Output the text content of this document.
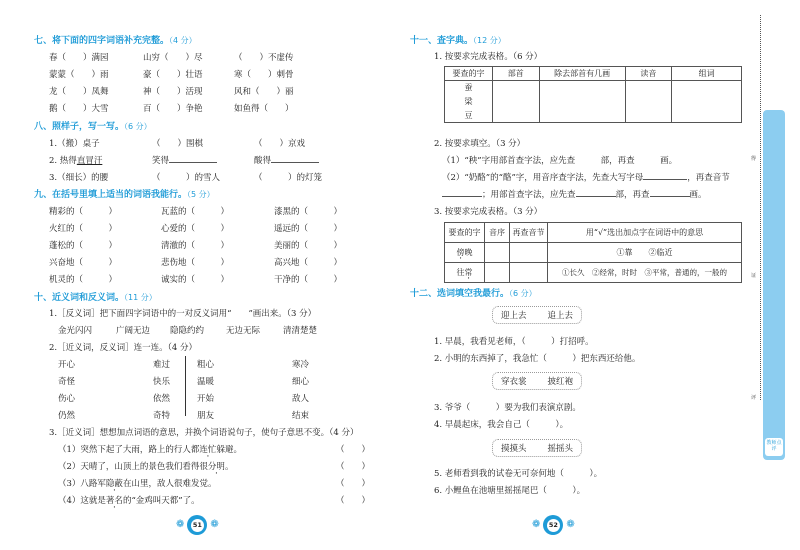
七、将下面的四字词语补充完整。（4 分）
春（　　）满园	山穷（　　）尽	（　　）不虚传
蒙蒙（　　）雨	豪（　　）壮语	寒（　　）刺骨
龙（　　）凤舞	神（　　）活现	风和（　　）丽
鹅（　　）大雪	百（　　）争艳	如鱼得（　　）
八、照样子，写一写。（6 分）
1.（搬）桌子	（　　）围棋	（　　）京戏
2. 热得直冒汗	笑得	酸得
3.（细长）的腰	（　　　）的雪人	（　　　）的灯笼
九、在括号里填上适当的词语我能行。（5 分）
精彩的（　　　）	瓦蓝的（　　　）	漆黑的（　　　）
火红的（　　　）	心爱的（　　　）	遥远的（　　　）
蓬松的（　　　）	清澈的（　　　）	美丽的（　　　）
兴奋地（　　　）	悲伤地（　　　）	高兴地（　　　）
机灵的（　　　）	诚实的（　　　）	干净的（　　　）
十、近义词和反义词。（11 分）
1.［反义词］把下面四字词语中的一对反义词用“　　”画出来。（3 分）
金光闪闪	广阔无边 隐隐约约	无边无际	清清楚楚
2.［近义词，反义词］连一连。（4 分）
开心	难过	粗心	寒冷
奇怪	快乐	温暖	细心
伤心	依然	开始	敌人
仍然	奇特	朋友	结束
3.［近义词］想想加点词语的意思，并换个词语说句子，使句子意思不变。（4 分）
（1）突然下起了大雨，路上的行人都连忙躲避。	（　　）
（2）天晴了，山顶上的景色我们看得很分明。	（　　）
（3）八路军隐蔽在山里，敌人很难发觉。	（　　）
（4）这就是著名的“金鸡叫天都”了。	（　　）
❁	51 ❁
十一、查字典。（12 分）
1. 按要求完成表格。（6 分）
要查的字	部首	除去部首有几画	读音	组词
蚕				
梁				
豆				
2. 按要求填空。（3 分）
（1）“秧”字用部首查字法，应先查　　　部，再查　　　画。
（2）“奶酪”的“酪”字，用音序查字法，先查大写字母	，再查音节
；用部首查字法，应先查	部，再查	画。
3. 按要求完成表格。（3 分）
要查的字	音序	再查音节	用“√”选出加点字在词语中的意思
傍晚			①靠　　②临近
往常			①长久　②经常，时时　③平常，普通的，一般的
十二、选词填空我最行。（6 分）
迎上去 追上去
1. 早晨，我看见老师，（　　　）打招呼。
2. 小明的东西掉了，我急忙（　　　）把东西还给他。
穿衣裳 披红袍
3. 爷爷（　　　）要为我们表演京剧。
4. 早晨起床，我会自己（　　　）。
摸摸头 摇摇头
5. 老师看到我的试卷无可奈何地（　　　）。
6. 小鲤鱼在池塘里摇摇尾巴（　　　）。
❁	52 ❁
得
证
评
教师点评
